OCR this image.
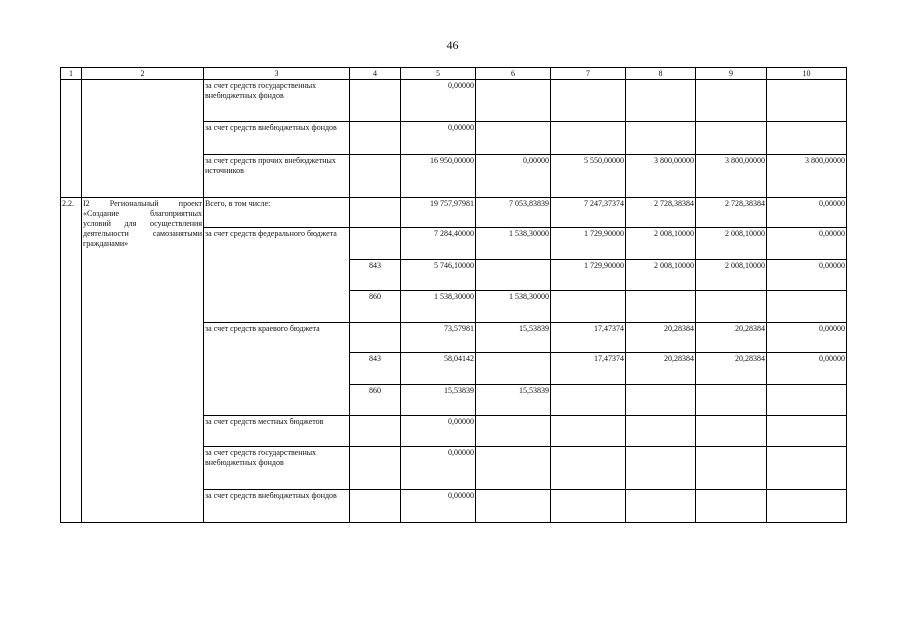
46
1	2	3	4	5	6	7	8	9	10
		за счет средств государственных внебюджетных фондов		0,00000					
		за счет средств внебюджетных фондов		0,00000					
		за счет средств прочих внебюджетных источников		16 950,00000	0,00000	5 550,00000	3 800,00000	3 800,00000	3 800,00000
2.2.	I2 Региональный проект «Создание благоприятных условий для осуществления деятельности самозанятыми гражданами»	Всего, в том числе:		19 757,97981	7 053,83839	7 247,37374	2 728,38384	2 728,38384	0,00000
		за счет средств федерального бюджета		7 284,40000	1 538,30000	1 729,90000	2 008,10000	2 008,10000	0,00000
			843	5 746,10000		1 729,90000	2 008,10000	2 008,10000	0,00000
			860	1 538,30000	1 538,30000				
		за счет средств краевого бюджета		73,57981	15,53839	17,47374	20,28384	20,28384	0,00000
			843	58,04142		17,47374	20,28384	20,28384	0,00000
			860	15,53839	15,53839				
		за счет средств местных бюджетов		0,00000					
		за счет средств государственных внебюджетных фондов		0,00000					
		за счет средств внебюджетных фондов		0,00000					
